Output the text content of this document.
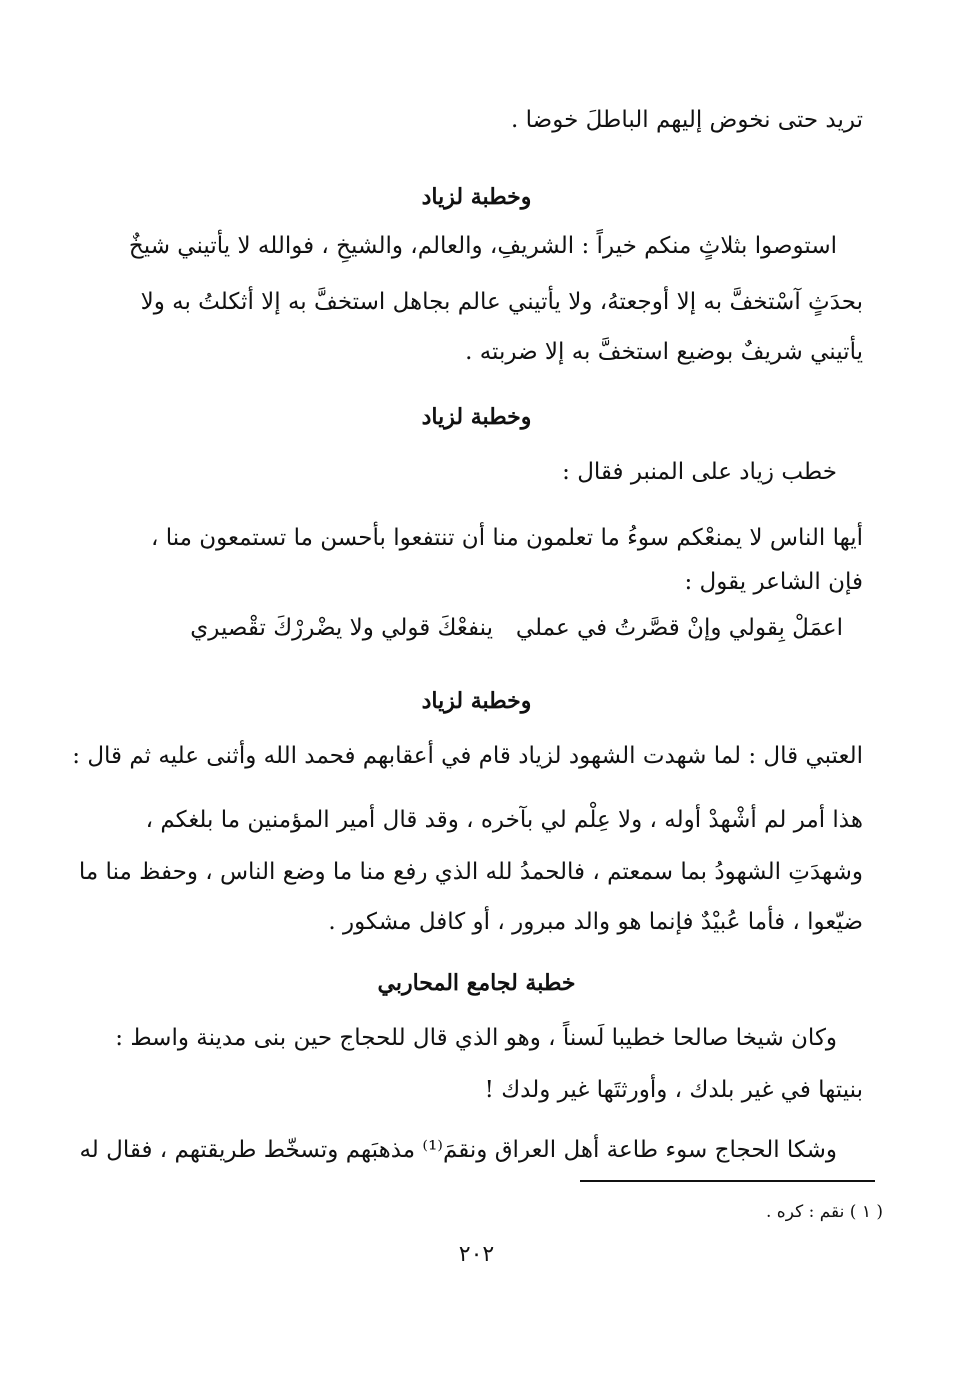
تريد حتى نخوض إليهم الباطلَ خوضا .
وخطبة لزياد
استوصوا بثلاثٍ منكم خيراً : الشريفِ، والعالم، والشيخِ ، فوالله لا يأتيني شيخٌ
بحدَثٍ آسْتخفَّ به إلا أوجعتهُ، ولا يأتيني عالم بجاهل استخفَّ به إلا أثكلتُ به ولا
يأتيني شريفٌ بوضيع استخفَّ به إلا ضربته .
وخطبة لزياد
خطب زياد على المنبر فقال :
أيها الناس لا يمنعْكم سوءُ ما تعلمون منا أن تنتفعوا بأحسن ما تستمعون منا ،
فإن الشاعر يقول :
اعمَلْ بِقولي وإنْ قصَّرتُ في عملي
ينفعْكَ قولي ولا يضْررْكَ تقْصيري
وخطبة لزياد
العتبي قال : لما شهدت الشهود لزياد قام في أعقابهم فحمد الله وأثنى عليه ثم قال :
هذا أمر لم أشْهدْ أوله ، ولا عِلْم لي بآخره ، وقد قال أمير المؤمنين ما بلغكم ،
وشهدَتِ الشهودُ بما سمعتم ، فالحمدُ لله الذي رفع منا ما وضع الناس ، وحفظ منا ما
ضيّعوا ، فأما عُبيْدٌ فإنما هو والد مبرور ، أو كافل مشكور .
خطبة لجامع المحاربي
وكان شيخا صالحا خطيبا لَسناً ، وهو الذي قال للحجاج حين بنى مدينة واسط :
بنيتها في غير بلدك ، وأورثتَها غير ولدك !
وشكا الحجاج سوء طاعة أهل العراق ونقمَ⁽¹⁾ مذهبَهم وتسخّط طريقتهم ، فقال له
( ١ ) نقم : كره .
٢٠٢
